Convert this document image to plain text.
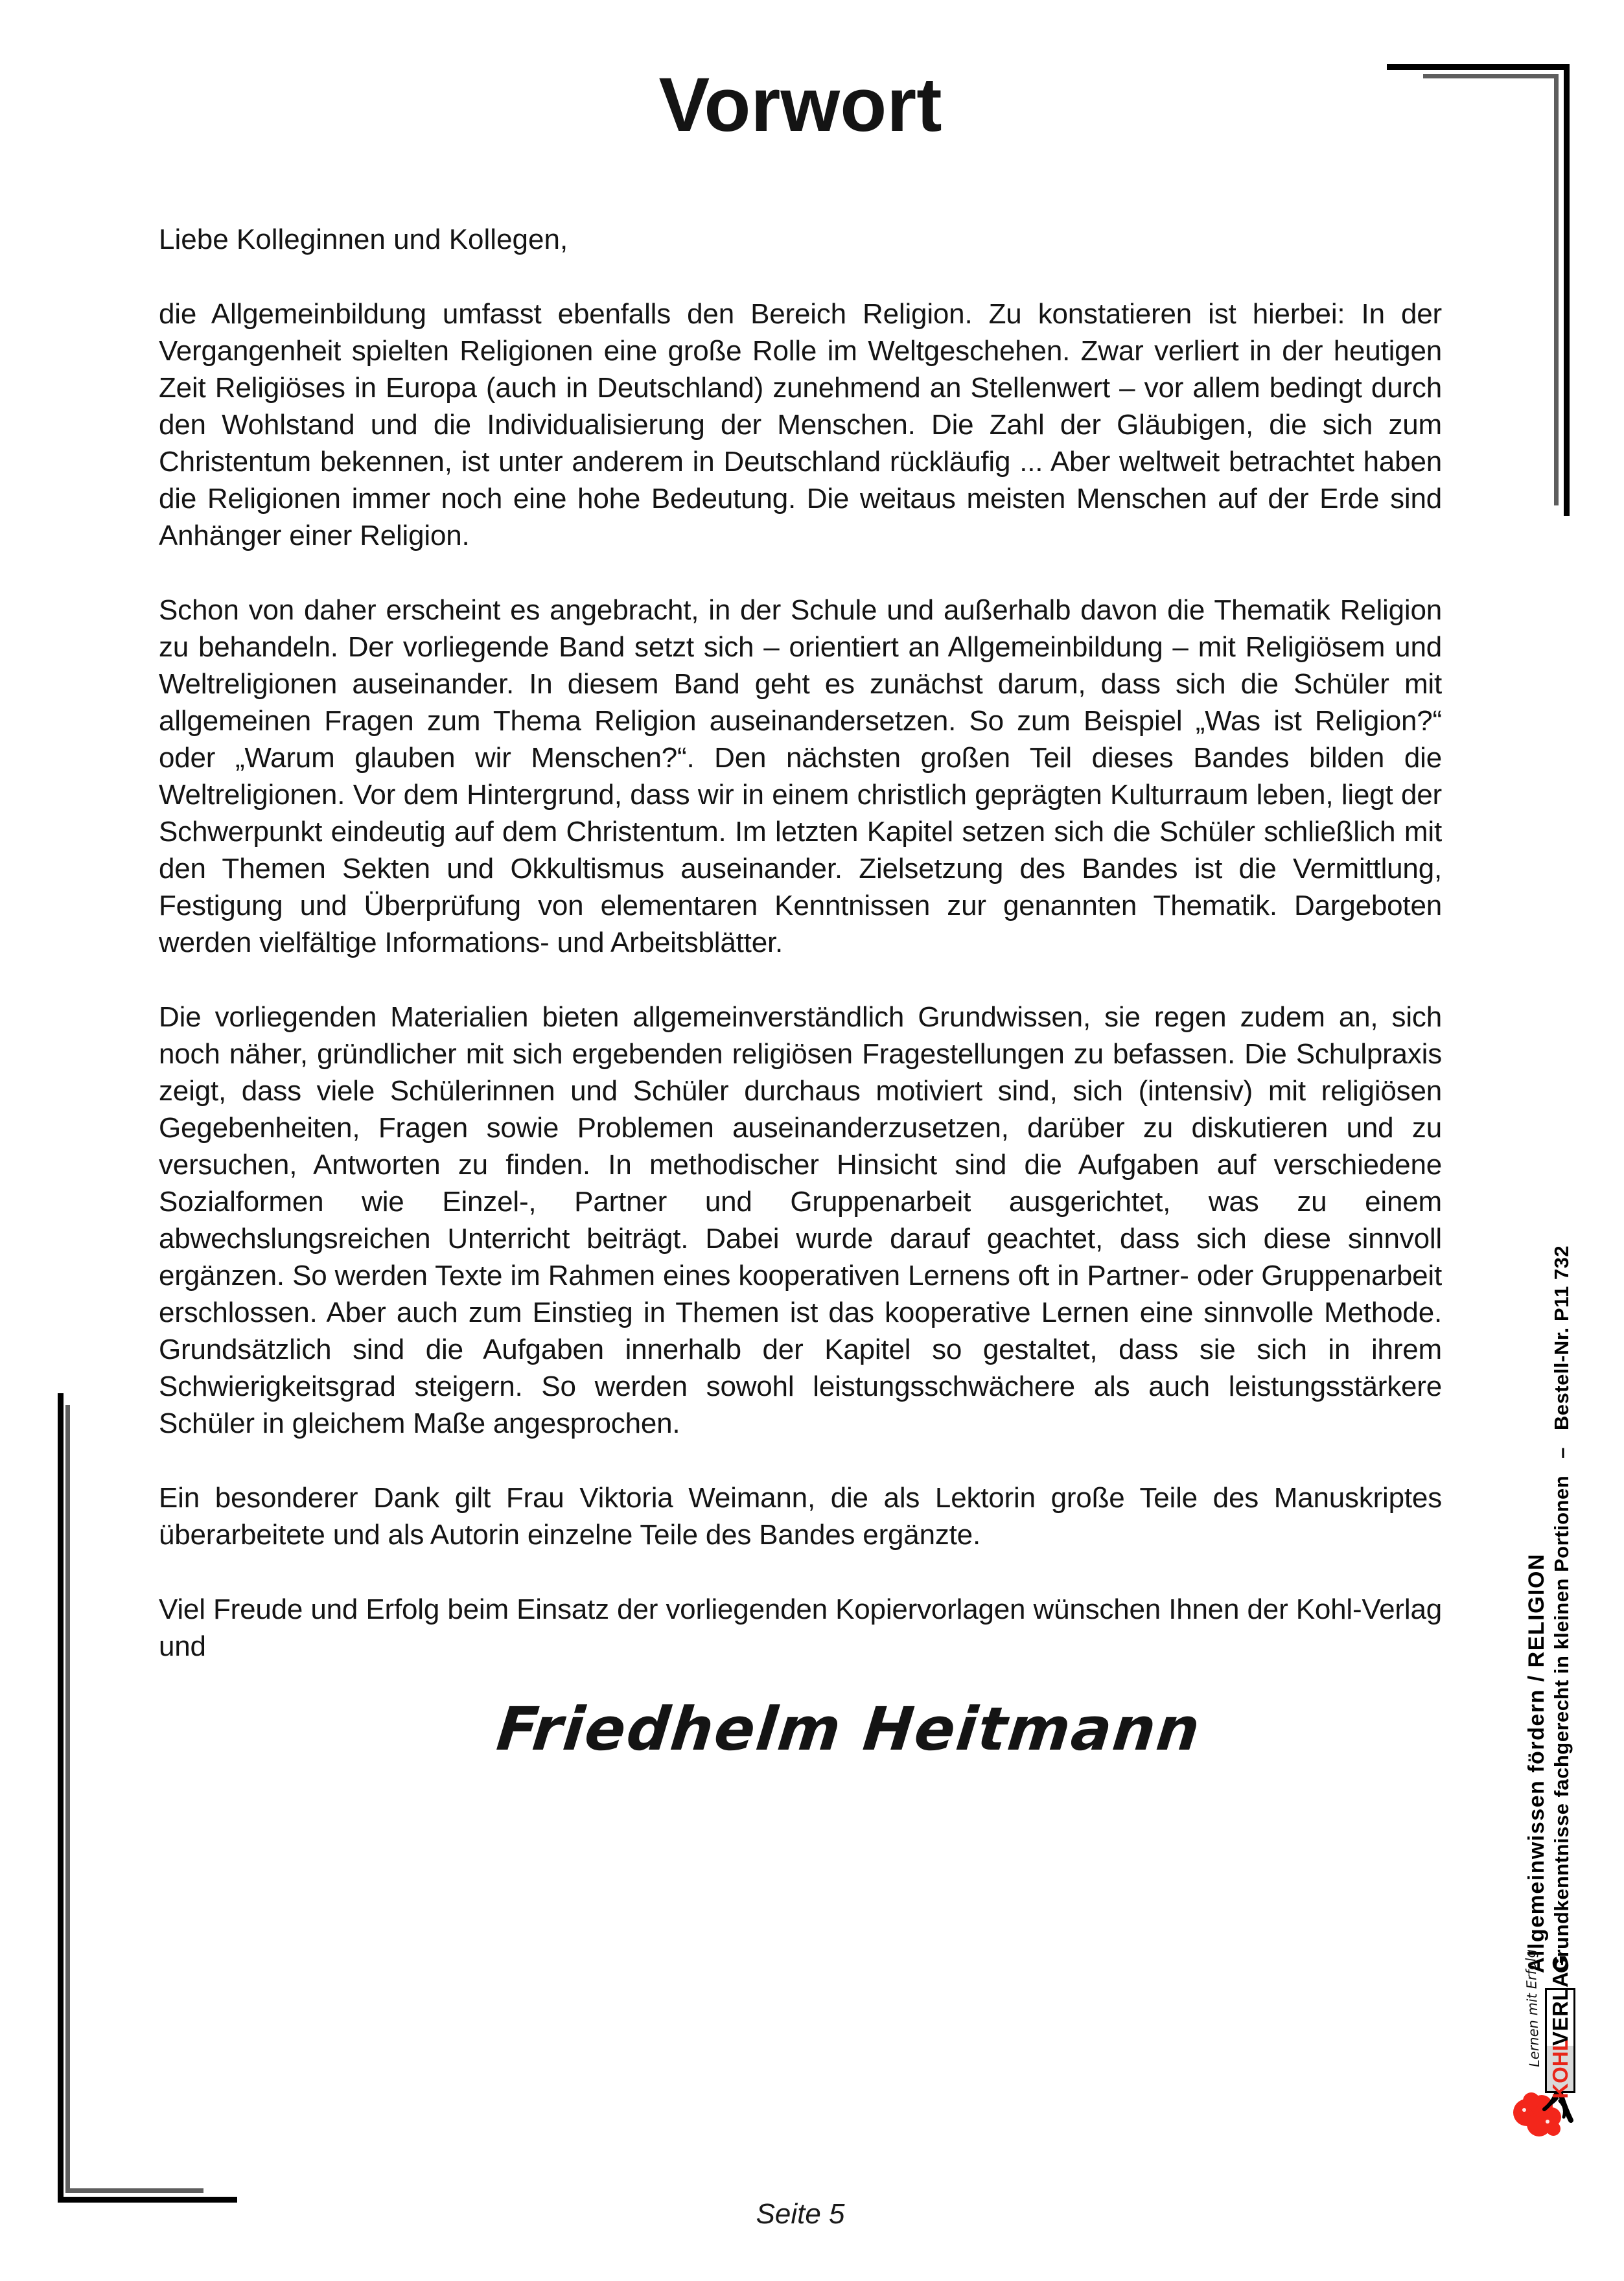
Vorwort
Liebe Kolleginnen und Kollegen,

die Allgemeinbildung umfasst ebenfalls den Bereich Religion. Zu konstatieren ist hierbei: In der Vergangenheit spielten Religionen eine große Rolle im Weltgeschehen. Zwar verliert in der heutigen Zeit Religiöses in Europa (auch in Deutschland) zunehmend an Stellenwert – vor allem bedingt durch den Wohlstand und die Individualisierung der Menschen. Die Zahl der Gläubigen, die sich zum Christentum bekennen, ist unter anderem in Deutschland rückläufig ... Aber weltweit betrachtet haben die Religionen immer noch eine hohe Bedeutung. Die weitaus meisten Menschen auf der Erde sind Anhänger einer Religion.

Schon von daher erscheint es angebracht, in der Schule und außerhalb davon die Thematik Religion zu behandeln. Der vorliegende Band setzt sich – orientiert an Allgemeinbildung – mit Religiösem und Weltreligionen auseinander. In diesem Band geht es zunächst darum, dass sich die Schüler mit allgemeinen Fragen zum Thema Religion auseinandersetzen. So zum Beispiel „Was ist Religion?“ oder „Warum glauben wir Menschen?“. Den nächsten großen Teil dieses Bandes bilden die Weltreligionen. Vor dem Hintergrund, dass wir in einem christlich geprägten Kulturraum leben, liegt der Schwerpunkt eindeutig auf dem Christentum. Im letzten Kapitel setzen sich die Schüler schließlich mit den Themen Sekten und Okkultismus auseinander. Zielsetzung des Bandes ist die Vermittlung, Festigung und Überprüfung von elementaren Kenntnissen zur genannten Thematik. Dargeboten werden vielfältige Informations- und Arbeitsblätter.

Die vorliegenden Materialien bieten allgemeinverständlich Grundwissen, sie regen zudem an, sich noch näher, gründlicher mit sich ergebenden religiösen Fragestellungen zu befassen. Die Schulpraxis zeigt, dass viele Schülerinnen und Schüler durchaus motiviert sind, sich (intensiv) mit religiösen Gegebenheiten, Fragen sowie Problemen auseinanderzusetzen, darüber zu diskutieren und zu versuchen, Antworten zu finden. In methodischer Hinsicht sind die Aufgaben auf verschiedene Sozialformen wie Einzel-, Partner und Gruppenarbeit ausgerichtet, was zu einem abwechslungsreichen Unterricht beiträgt. Dabei wurde darauf geachtet, dass sich diese sinnvoll ergänzen. So werden Texte im Rahmen eines kooperativen Lernens oft in Partner- oder Gruppenarbeit erschlossen. Aber auch zum Einstieg in Themen ist das kooperative Lernen eine sinnvolle Methode. Grundsätzlich sind die Aufgaben innerhalb der Kapitel so gestaltet, dass sie sich in ihrem Schwierigkeitsgrad steigern. So werden sowohl leistungsschwächere als auch leistungsstärkere Schüler in gleichem Maße angesprochen.

Ein besonderer Dank gilt Frau Viktoria Weimann, die als Lektorin große Teile des Manuskriptes überarbeitete und als Autorin einzelne Teile des Bandes ergänzte.

Viel Freude und Erfolg beim Einsatz der vorliegenden Kopiervorlagen wünschen Ihnen der Kohl-Verlag und

Friedhelm Heitmann
Seite 5
Allgemeinwissen fördern / RELIGION Grundkenntnisse fachgerecht in kleinen Portionen–Bestell-Nr. P11 732
Lernen mit Erfolg
KOHL
VERLAG
